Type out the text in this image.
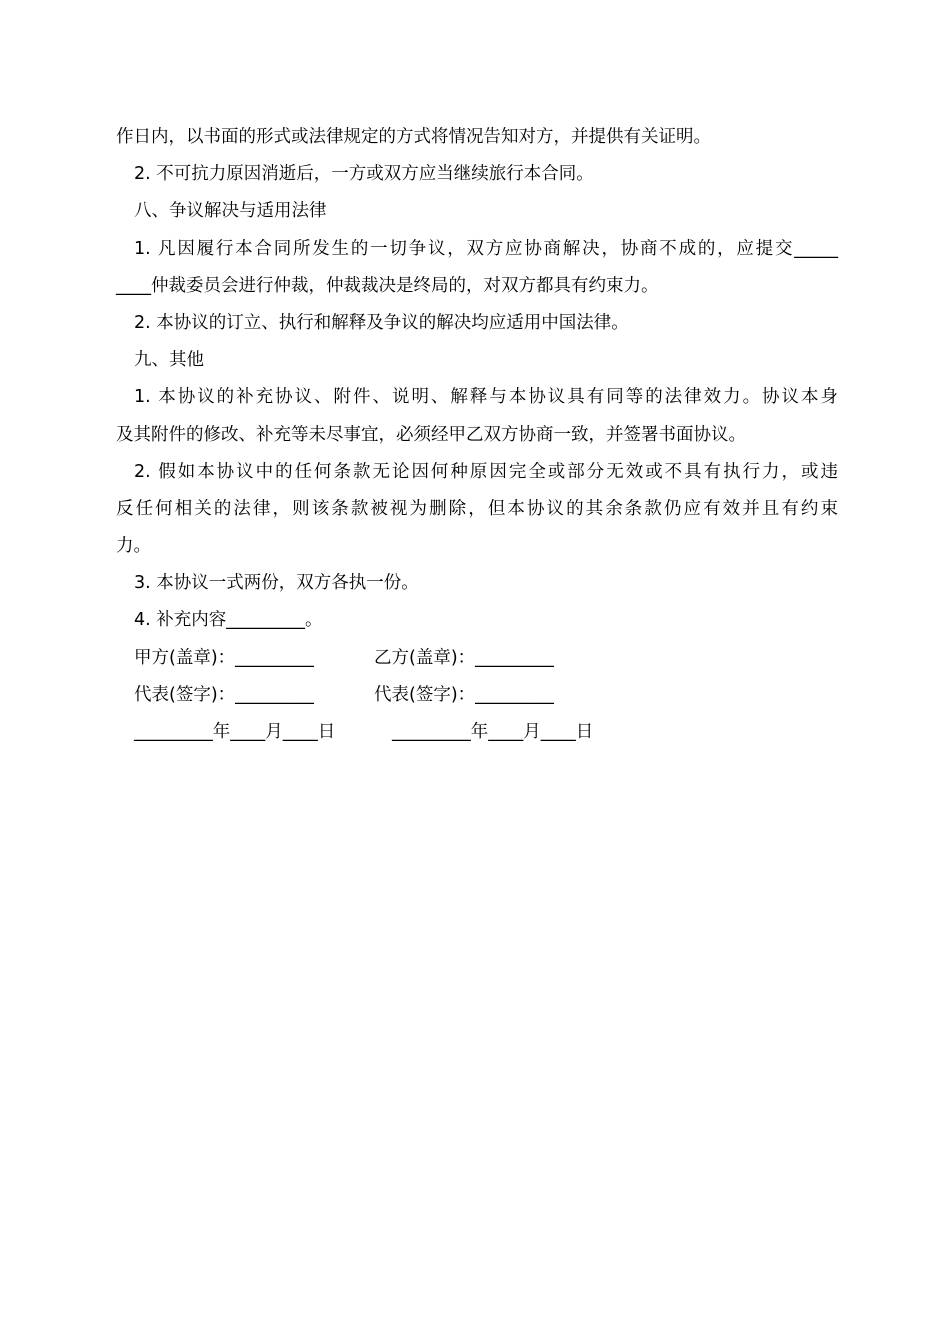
作日内，以书面的形式或法律规定的方式将情况告知对方，并提供有关证明。
2. 不可抗力原因消逝后，一方或双方应当继续旅行本合同。
八、争议解决与适用法律
1. 凡因履行本合同所发生的一切争议，双方应协商解决，协商不成的，应提交_____
____仲裁委员会进行仲裁，仲裁裁决是终局的，对双方都具有约束力。
2. 本协议的订立、执行和解释及争议的解决均应适用中国法律。
九、其他
1. 本协议的补充协议、附件、说明、解释与本协议具有同等的法律效力。协议本身
及其附件的修改、补充等未尽事宜，必须经甲乙双方协商一致，并签署书面协议。
2. 假如本协议中的任何条款无论因何种原因完全或部分无效或不具有执行力，或违
反任何相关的法律，则该条款被视为删除，但本协议的其余条款仍应有效并且有约束
力。
3. 本协议一式两份，双方各执一份。
4. 补充内容_________。
甲方(盖章)：_________	乙方(盖章)：_________
代表(签字)：_________	代表(签字)：_________
_________年____月____日	_________年____月____日
